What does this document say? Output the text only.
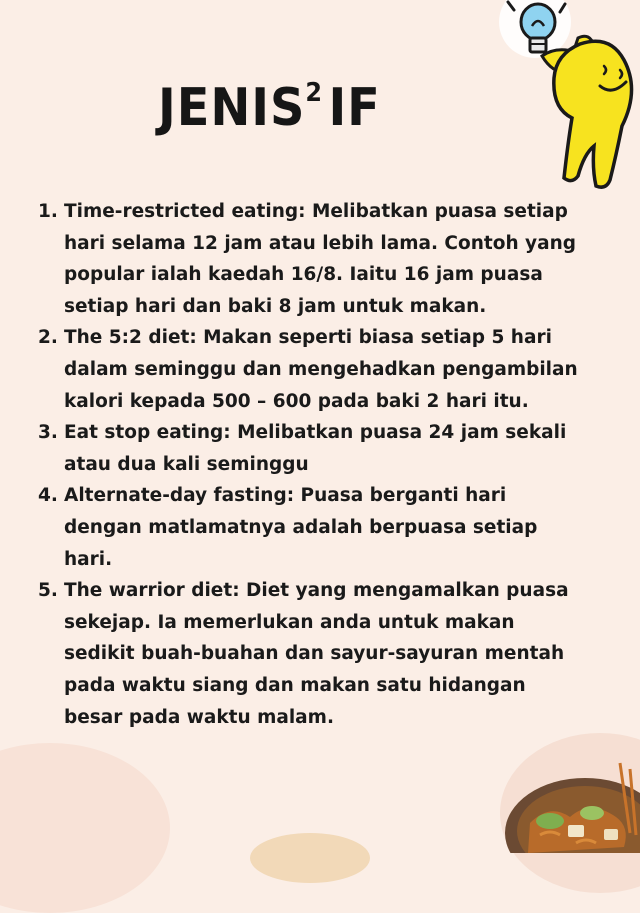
JENIS$^2$ IF
1. Time-restricted eating: Melibatkan puasa setiap hari selama 12 jam atau lebih lama. Contoh yang popular ialah kaedah 16/8. Iaitu 16 jam puasa setiap hari dan baki 8 jam untuk makan.
2. The 5:2 diet: Makan seperti biasa setiap 5 hari dalam seminggu dan mengehadkan pengambilan kalori kepada 500 – 600 pada baki 2 hari itu.
3. Eat stop eating: Melibatkan puasa 24 jam sekali atau dua kali seminggu
4. Alternate-day fasting: Puasa berganti hari dengan matlamatnya adalah berpuasa setiap hari.
5. The warrior diet: Diet yang mengamalkan puasa sekejap. Ia memerlukan anda untuk makan sedikit buah-buahan dan sayur-sayuran mentah pada waktu siang dan makan satu hidangan besar pada waktu malam.
